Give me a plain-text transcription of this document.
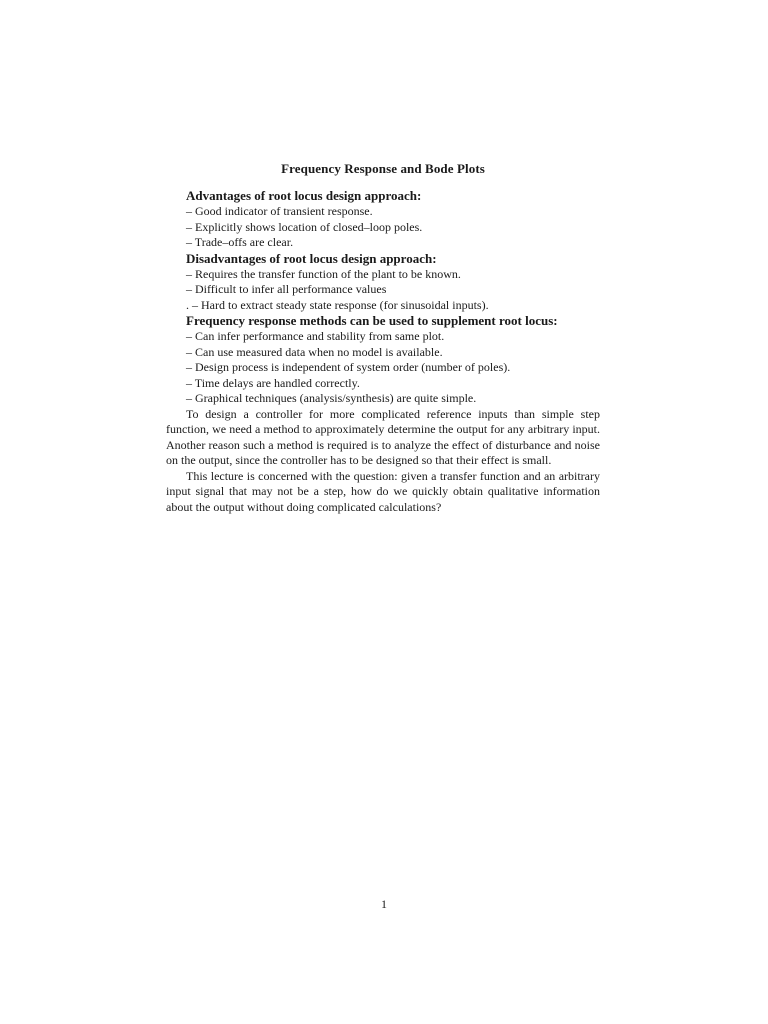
Frequency Response and Bode Plots

Advantages of root locus design approach:

– Good indicator of transient response.

– Explicitly shows location of closed–loop poles.

– Trade–offs are clear.

Disadvantages of root locus design approach:

– Requires the transfer function of the plant to be known.

– Difficult to infer all performance values

. – Hard to extract steady state response (for sinusoidal inputs).

Frequency response methods can be used to supplement root locus:

– Can infer performance and stability from same plot.

– Can use measured data when no model is available.

– Design process is independent of system order (number of poles).

– Time delays are handled correctly.

– Graphical techniques (analysis/synthesis) are quite simple.

To design a controller for more complicated reference inputs than simple step function, we need a method to approximately determine the output for any arbitrary input. Another reason such a method is required is to analyze the effect of disturbance and noise on the output, since the controller has to be designed so that their effect is small.

This lecture is concerned with the question: given a transfer function and an arbitrary input signal that may not be a step, how do we quickly obtain qualitative information about the output without doing complicated calculations?

1
